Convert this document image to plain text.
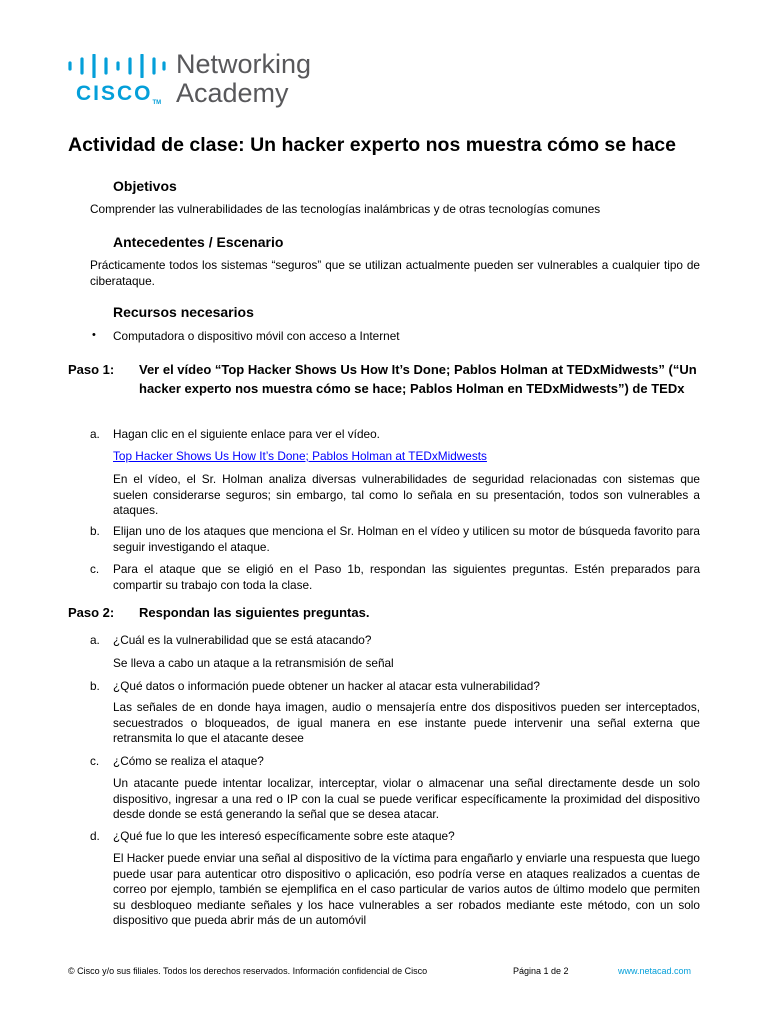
CISCOTM
Networking
Academy
Actividad de clase: Un hacker experto nos muestra cómo se hace
Objetivos
Comprender las vulnerabilidades de las tecnologías inalámbricas y de otras tecnologías comunes
Antecedentes / Escenario
Prácticamente todos los sistemas “seguros” que se utilizan actualmente pueden ser vulnerables a cualquier tipo de ciberataque.
Recursos necesarios
• Computadora o dispositivo móvil con acceso a Internet
Paso 1: Ver el vídeo “Top Hacker Shows Us How It’s Done; Pablos Holman at TEDxMidwests” (“Un hacker experto nos muestra cómo se hace; Pablos Holman en TEDxMidwests”) de TEDx
a. Hagan clic en el siguiente enlace para ver el vídeo.
Top Hacker Shows Us How It’s Done; Pablos Holman at TEDxMidwests
En el vídeo, el Sr. Holman analiza diversas vulnerabilidades de seguridad relacionadas con sistemas que suelen considerarse seguros; sin embargo, tal como lo señala en su presentación, todos son vulnerables a ataques.
b. Elijan uno de los ataques que menciona el Sr. Holman en el vídeo y utilicen su motor de búsqueda favorito para seguir investigando el ataque.
c. Para el ataque que se eligió en el Paso 1b, respondan las siguientes preguntas. Estén preparados para compartir su trabajo con toda la clase.
Paso 2: Respondan las siguientes preguntas.
a. ¿Cuál es la vulnerabilidad que se está atacando?
Se lleva a cabo un ataque a la retransmisión de señal
b. ¿Qué datos o información puede obtener un hacker al atacar esta vulnerabilidad?
Las señales de en donde haya imagen, audio o mensajería entre dos dispositivos pueden ser interceptados, secuestrados o bloqueados, de igual manera en ese instante puede intervenir una señal externa que retransmita lo que el atacante desee
c. ¿Cómo se realiza el ataque?
Un atacante puede intentar localizar, interceptar, violar o almacenar una señal directamente desde un solo dispositivo, ingresar a una red o IP con la cual se puede verificar específicamente la proximidad del dispositivo desde donde se está generando la señal que se desea atacar.
d. ¿Qué fue lo que les interesó específicamente sobre este ataque?
El Hacker puede enviar una señal al dispositivo de la víctima para engañarlo y enviarle una respuesta que luego puede usar para autenticar otro dispositivo o aplicación, eso podría verse en ataques realizados a cuentas de correo por ejemplo, también se ejemplifica en el caso particular de varios autos de último modelo que permiten su desbloqueo mediante señales y los hace vulnerables a ser robados mediante este método, con un solo dispositivo que pueda abrir más de un automóvil
© Cisco y/o sus filiales. Todos los derechos reservados. Información confidencial de Cisco	Página 1 de 2	www.netacad.com
